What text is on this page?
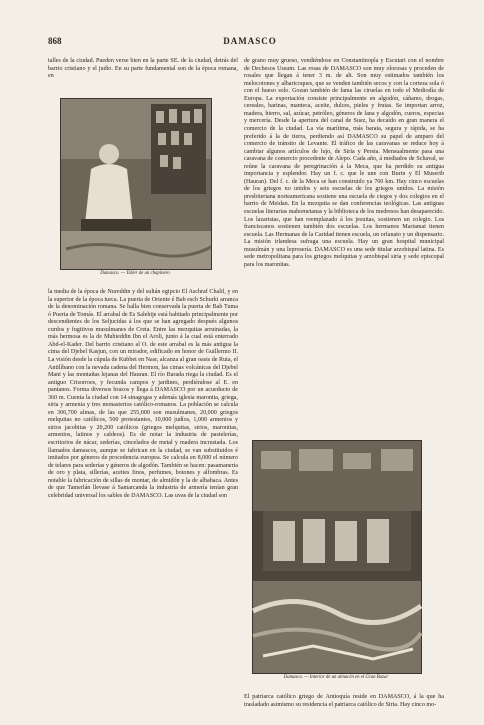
868	DAMASCO

talles de la ciudad. Pueden verse bien en la parte SE. de la ciudad, detrás del barrio cristiano y el judío. En su parte fundamental son de la época romana, en

Damasco. — Taller de un chapinero

la media de la época de Nureddin y del sultán egipcio El Aschraf Chalil, y en la superior de la época turca. La puerta de Oriente é Bab esch Schurki arranca de la denominación romana. Se halla bien conservada la puerta de Bab Tuma ó Puerta de Tomás. El arrabal de Es Salehije está habitado principalmente por descendientes de los Seljucidas á los que se han agregado después algunos curdos y fugitivos musulmanes de Creta. Entre las mezquitas arruinadas, la más hermosa es la de Muhieddin Ibn el Aroli, junto á la cual está enterrado Abd-el-Kader. Del barrio cristiano al O. de este arrabal es la más antigua la cima del Djebel Kasjun, con un mirador, edificado en honor de Guillermo II. La visión desde la cúpula de Kubbet en Nasr, alcanza al gran oasis de Ruta, el Antilíbano con la nevada cadena del Hermon, las cimas volcánicas del Djebel Mani y las montañas lejanas del Hauran. El río Barada riega la ciudad. Es el antiguo Crisorroes, y fecunda campos y jardines, perdiéndose al E. en pantanos. Forma diversos brazos y llega á DAMASCO por un acueducto de 360 m. Cuenta la ciudad con 14 sinagogas y además iglesia maronita, griega, siria y armenia y tres monasterios católico-romanos. La población se calcula en 306,700 almas, de las que 255,000 son musulmanes, 20,000 griegos melquitas no católicos, 500 protestantes, 10,000 judíos, 1,000 armenios y sirios jacobitas y 20,200 católicos (griegos melquitas, sirios, maronitas, armenios, latinos y caldeos). Es de notar la industria de pastelerías, escritorios de nácar, sederías, cincelados de metal y madera incrustada. Los llamados damascos, aunque se fabrican en la ciudad, se van substituidos é imitados por géneros de procedencia europea. Se calcula en 8,000 el número de telares para sederías y géneros de algodón. También se hacen: pasamanería de oro y plata, sillerías, aceites finos, perfumes, botones y alfombras. Es notable la fabricación de sillas de montar, de almidón y la de albahaca. Antes de que Tamerlán llevase á Samarcanda la industria de armería tenían gran celebridad universal los sables de DAMASCO. Las uvas de la ciudad son

de grano muy grueso, vendiéndose en Constantinopla y Escutari con el nombre de Dechesos Ussum. Las rosas de DAMASCO son muy olorosas y proceden de rosales que llegan á tener 3 m. de alt. Son muy estimados también los melocotones y albaricoques, que se venden también secos y con la corteza sola ó con el hueso solo. Gozan también de fama las ciruelas en todo el Mediodía de Europa. La exportación consiste principalmente en algodón, cáñamo, drogas, cereales, harinas, manteca, aceite, dulces, pieles y frutas. Se importan arroz, madera, hierro, sal, azúcar, petróleo, géneros de lana y algodón, cueros, especias y mercería. Desde la apertura del canal de Suez, ha decaído en gran manera el comercio de la ciudad. La vía marítima, más barata, segura y rápida, se ha preferido á la de tierra, perdiendo así DAMASCO su papel de amparo del comercio de tránsito de Levante. El tráfico de las caravanas se reduce hoy á cambiar algunos artículos de lujo, de Siria y Persia. Mensualmente pasa una caravana de comercio procedente de Alepo. Cada año, á mediados de Schaval, se reúne la caravana de peregrinación á la Meca, que ha perdido su antigua importancia y esplendor. Hay un f. c. que le une con Burin y El Muserib (Hauran). Del f. c. de la Meca se han construido ya 760 km. Hay cinco escuelas de los griegos no unidos y seis escuelas de los griegos unidos. La misión presbiteriana norteamericana sostiene una escuela de ciegos y dos colegios en el barrio de Meidan. En la mezquita se dan conferencias teológicas. Las antiguas escuelas literarias mahometanas y la biblioteca de los medresos han desaparecido. Los lazaristas, que han reemplazado á los jesuitas, sostienen un colegio. Los franciscanos sostienen también dos escuelas. Los hermanos Mariamat tienen escuela. Las Hermanas de la Caridad tienen escuela, un orfanato y un dispensario. La misión irlandesa sufraga una escuela. Hay un gran hospital municipal musulmán y una leprosería. DAMASCO es una sede titular arzobispal latina. Es sede metropolitana para los griegos melquitas y arzobispal siria y sede episcopal para los maronitas.

Damasco. — Interior de un almacén en el Gran Bazar

El patriarca católico griego de Antioquía reside en DAMASCO, á la que ha trasladado asimismo su residencia el patriarca católico de Siria. Hay cinco mo-
